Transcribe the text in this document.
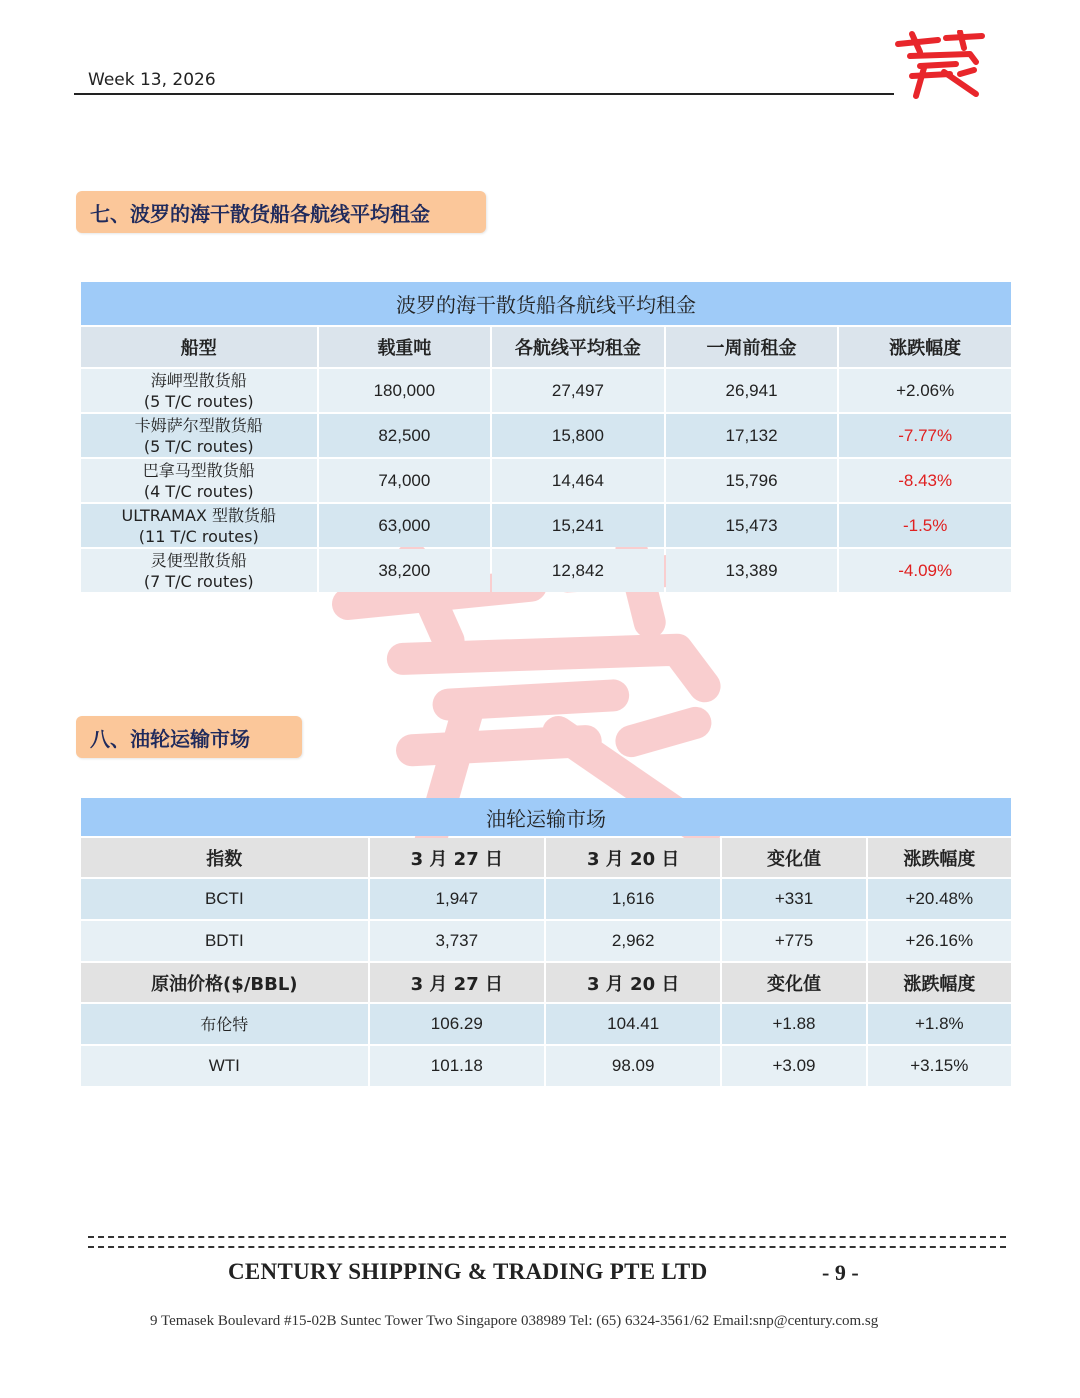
Week 13, 2026
七、波罗的海干散货船各航线平均租金
波罗的海干散货船各航线平均租金				
船型	载重吨	各航线平均租金	一周前租金	涨跌幅度
海岬型散货船
(5 T/C routes)	180,000	27,497	26,941	+2.06%
卡姆萨尔型散货船
(5 T/C routes)	82,500	15,800	17,132	-7.77%
巴拿马型散货船
(4 T/C routes)	74,000	14,464	15,796	-8.43%
ULTRAMAX 型散货船
(11 T/C routes)	63,000	15,241	15,473	-1.5%
灵便型散货船
(7 T/C routes)	38,200	12,842	13,389	-4.09%
八、油轮运输市场
油轮运输市场				
指数	3 月 27 日	3 月 20 日	变化值	涨跌幅度
BCTI	1,947	1,616	+331	+20.48%
BDTI	3,737	2,962	+775	+26.16%
原油价格($/BBL)	3 月 27 日	3 月 20 日	变化值	涨跌幅度
布伦特	106.29	104.41	+1.88	+1.8%
WTI	101.18	98.09	+3.09	+3.15%
CENTURY SHIPPING & TRADING PTE LTD	- 9 -
9 Temasek Boulevard #15-02B Suntec Tower Two Singapore 038989 Tel: (65) 6324-3561/62 Email:snp@century.com.sg
